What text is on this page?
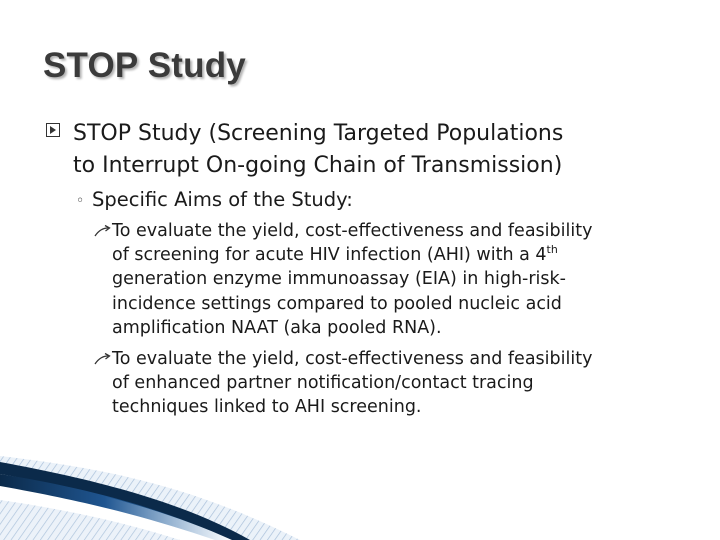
STOP Study
STOP Study (Screening Targeted Populations
to Interrupt On-going Chain of Transmission)
◦ Specific Aims of the Study:
To evaluate the yield, cost-effectiveness and feasibility
of screening for acute HIV infection (AHI) with a 4th
generation enzyme immunoassay (EIA) in high-risk-
incidence settings compared to pooled nucleic acid
amplification NAAT (aka pooled RNA).
To evaluate the yield, cost-effectiveness and feasibility
of enhanced partner notification/contact tracing
techniques linked to AHI screening.
